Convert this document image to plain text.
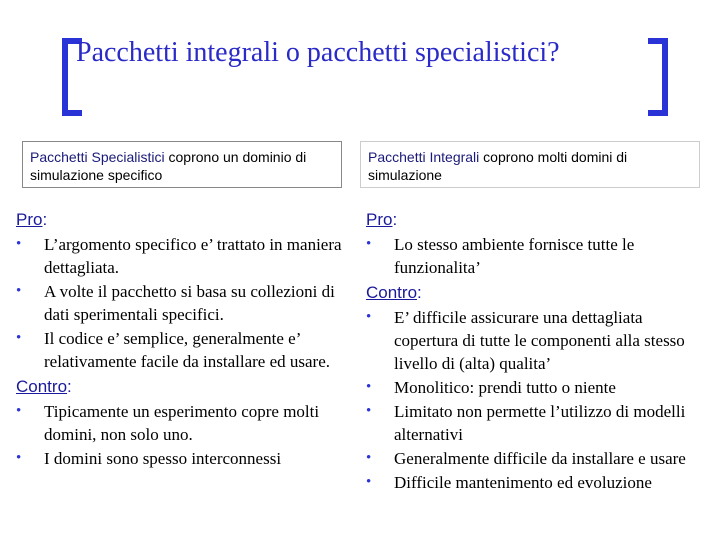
Pacchetti integrali o pacchetti specialistici?
Pacchetti Specialistici coprono un dominio di simulazione specifico
Pacchetti Integrali coprono molti domini di simulazione
Pro:
•	L’argomento specifico e’ trattato in maniera dettagliata.
•	A volte il pacchetto si basa su collezioni di dati sperimentali specifici.
•	Il codice e’ semplice, generalmente e’ relativamente facile da installare ed usare.
Contro:
•	Tipicamente un esperimento copre molti domini, non solo uno.
•	I domini sono spesso interconnessi
Pro:
•	Lo stesso ambiente fornisce tutte le funzionalita’
Contro:
•	E’ difficile assicurare una dettagliata copertura di tutte le componenti alla stesso livello di (alta) qualita’
•	Monolitico: prendi tutto o niente
•	Limitato non permette l’utilizzo di modelli alternativi
•	Generalmente difficile da installare e usare
•	Difficile mantenimento ed evoluzione
